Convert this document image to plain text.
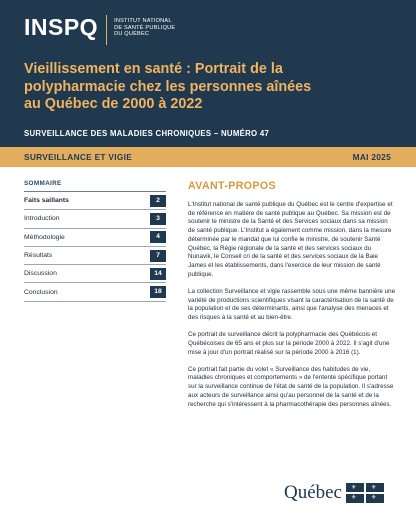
INSPQ	INSTITUT NATIONAL
DE SANTÉ PUBLIQUE
DU QUÉBEC
Vieillissement en santé : Portrait de la polypharmacie chez les personnes aînées au Québec de 2000 à 2022
SURVEILLANCE DES MALADIES CHRONIQUES – NUMÉRO 47
SURVEILLANCE ET VIGIE	MAI 2025
SOMMAIRE
Faits saillants	2
Introduction	3
Méthodologie	4
Résultats	7
Discussion	14
Conclusion	18
AVANT-PROPOS

L'Institut national de santé publique du Québec est le centre d'expertise et de référence en matière de santé publique au Québec. Sa mission est de soutenir le ministre de la Santé et des Services sociaux dans sa mission de santé publique. L'Institut a également comme mission, dans la mesure déterminée par le mandat que lui confie le ministre, de soutenir Santé Québec, la Régie régionale de la santé et des services sociaux du Nunavik, le Conseil cri de la santé et des services sociaux de la Baie James et les établissements, dans l'exercice de leur mission de santé publique.

La collection Surveillance et vigie rassemble sous une même bannière une variété de productions scientifiques visant la caractérisation de la santé de la population et de ses déterminants, ainsi que l'analyse des menaces et des risques à la santé et au bien-être.

Ce portrait de surveillance décrit la polypharmacie des Québécois et Québécoises de 65 ans et plus sur la période 2000 à 2022. Il s'agit d'une mise à jour d'un portrait réalisé sur la période 2000 à 2016 (1).

Ce portrait fait partie du volet « Surveillance des habitudes de vie, maladies chroniques et comportements » de l'entente spécifique portant sur la surveillance continue de l'état de santé de la population. Il s'adresse aux acteurs de surveillance ainsi qu'au personnel de la santé et de la recherche qui s'intéressent à la pharmacothérapie des personnes aînées.

Québec ⚜ ⚜
⚜ ⚜
